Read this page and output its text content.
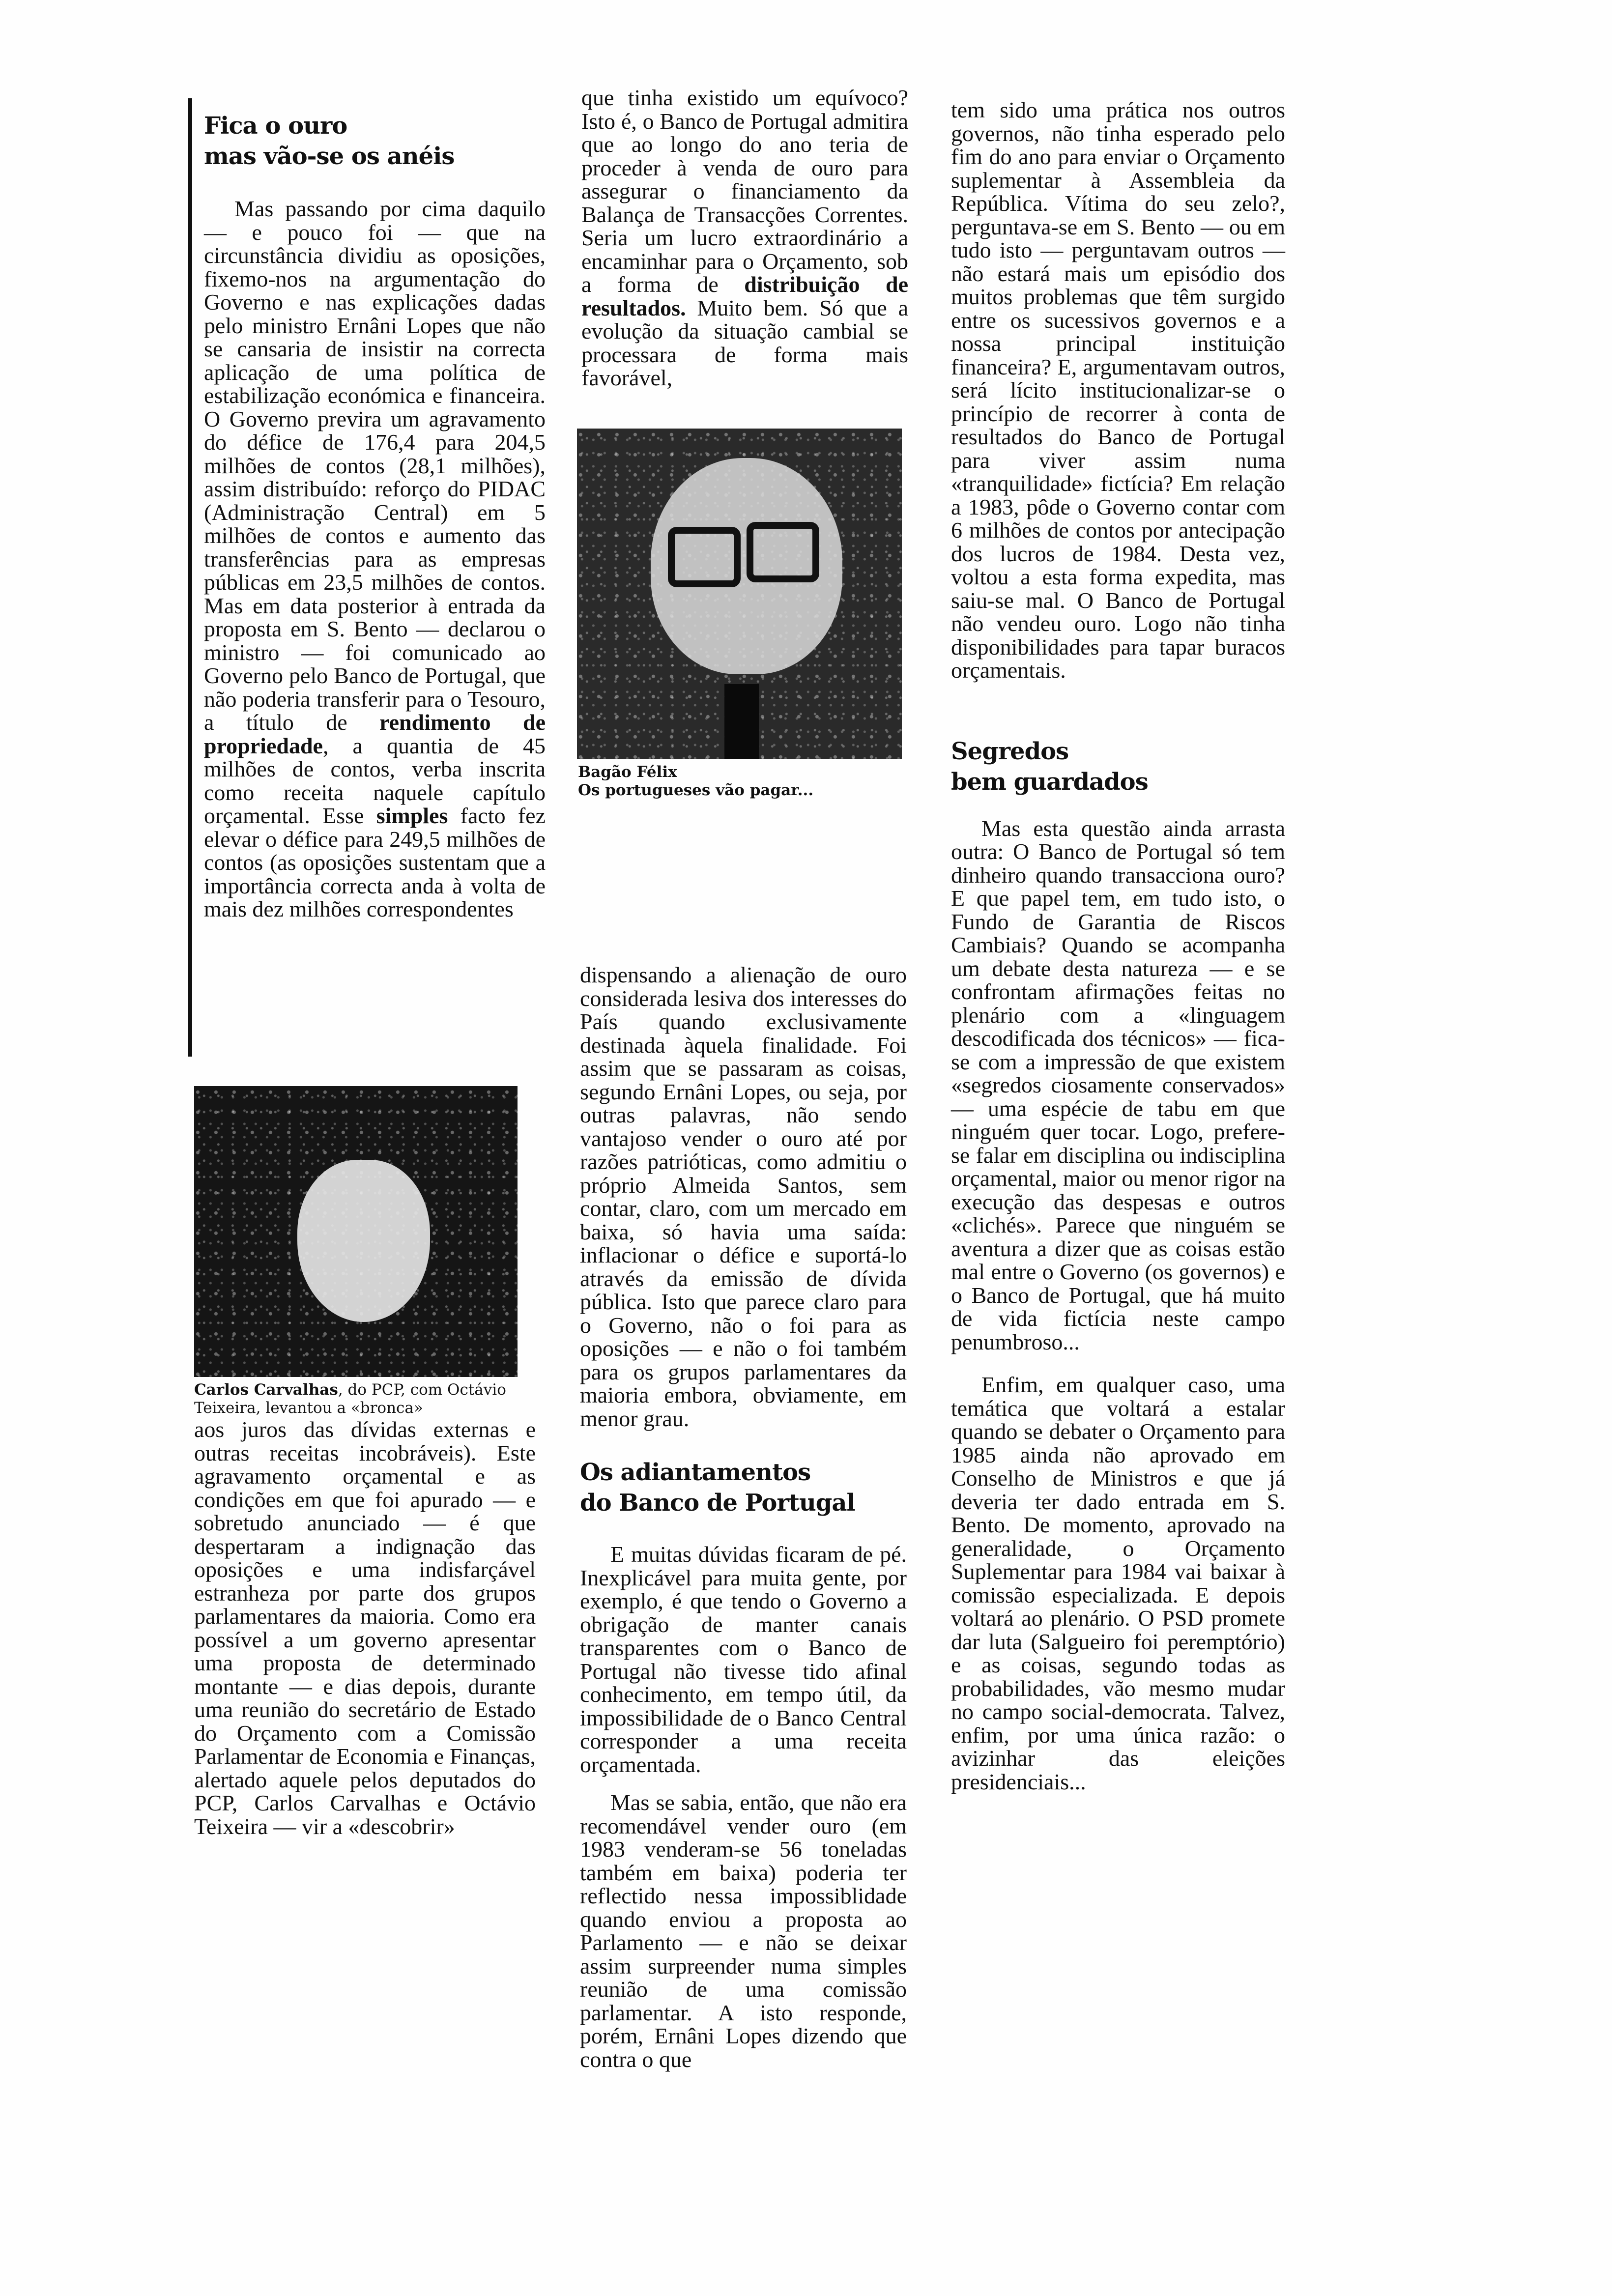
Fica o ouro
mas vão-se os anéis

Mas passando por cima daquilo — e pouco foi — que na circunstância dividiu as oposições, fixemo-nos na argumentação do Governo e nas explicações dadas pelo ministro Ernâni Lopes que não se cansaria de insistir na correcta aplicação de uma política de estabilização económica e financeira. O Governo previra um agravamento do défice de 176,4 para 204,5 milhões de contos (28,1 milhões), assim distribuído: reforço do PIDAC (Administração Central) em 5 milhões de contos e aumento das transferências para as empresas públicas em 23,5 milhões de contos. Mas em data posterior à entrada da proposta em S. Bento — declarou o ministro — foi comunicado ao Governo pelo Banco de Portugal, que não poderia transferir para o Tesouro, a título de rendimento de propriedade, a quantia de 45 milhões de contos, verba inscrita como receita naquele capítulo orçamental. Esse simples facto fez elevar o défice para 249,5 milhões de contos (as oposições sustentam que a importância correcta anda à volta de mais dez milhões correspondentes

Carlos Carvalhas, do PCP, com Octávio Teixeira, levantou a «bronca»

aos juros das dívidas externas e outras receitas incobráveis). Este agravamento orçamental e as condições em que foi apurado — e sobretudo anunciado — é que despertaram a indignação das oposições e uma indisfarçável estranheza por parte dos grupos parlamentares da maioria. Como era possível a um governo apresentar uma proposta de determinado montante — e dias depois, durante uma reunião do secretário de Estado do Orçamento com a Comissão Parlamentar de Economia e Finanças, alertado aquele pelos deputados do PCP, Carlos Carvalhas e Octávio Teixeira — vir a «descobrir»

que tinha existido um equívoco? Isto é, o Banco de Portugal admitira que ao longo do ano teria de proceder à venda de ouro para assegurar o financiamento da Balança de Transacções Correntes. Seria um lucro extraordinário a encaminhar para o Orçamento, sob a forma de distribuição de resultados. Muito bem. Só que a evolução da situação cambial se processara de forma mais favorável,

Bagão Félix
Os portugueses vão pagar...

dispensando a alienação de ouro considerada lesiva dos interesses do País quando exclusivamente destinada àquela finalidade. Foi assim que se passaram as coisas, segundo Ernâni Lopes, ou seja, por outras palavras, não sendo vantajoso vender o ouro até por razões patrióticas, como admitiu o próprio Almeida Santos, sem contar, claro, com um mercado em baixa, só havia uma saída: inflacionar o défice e suportá-lo através da emissão de dívida pública. Isto que parece claro para o Governo, não o foi para as oposições — e não o foi também para os grupos parlamentares da maioria embora, obviamente, em menor grau.

Os adiantamentos
do Banco de Portugal

E muitas dúvidas ficaram de pé. Inexplicável para muita gente, por exemplo, é que tendo o Governo a obrigação de manter canais transparentes com o Banco de Portugal não tivesse tido afinal conhecimento, em tempo útil, da impossibilidade de o Banco Central corresponder a uma receita orçamentada.

Mas se sabia, então, que não era recomendável vender ouro (em 1983 venderam-se 56 toneladas também em baixa) poderia ter reflectido nessa impossiblidade quando enviou a proposta ao Parlamento — e não se deixar assim surpreender numa simples reunião de uma comissão parlamentar. A isto responde, porém, Ernâni Lopes dizendo que contra o que

tem sido uma prática nos outros governos, não tinha esperado pelo fim do ano para enviar o Orçamento suplementar à Assembleia da República. Vítima do seu zelo?, perguntava-se em S. Bento — ou em tudo isto — perguntavam outros — não estará mais um episódio dos muitos problemas que têm surgido entre os sucessivos governos e a nossa principal instituição financeira? E, argumentavam outros, será lícito institucionalizar-se o princípio de recorrer à conta de resultados do Banco de Portugal para viver assim numa «tranquilidade» fictícia? Em relação a 1983, pôde o Governo contar com 6 milhões de contos por antecipação dos lucros de 1984. Desta vez, voltou a esta forma expedita, mas saiu-se mal. O Banco de Portugal não vendeu ouro. Logo não tinha disponibilidades para tapar buracos orçamentais.

Segredos
bem guardados

Mas esta questão ainda arrasta outra: O Banco de Portugal só tem dinheiro quando transacciona ouro? E que papel tem, em tudo isto, o Fundo de Garantia de Riscos Cambiais? Quando se acompanha um debate desta natureza — e se confrontam afirmações feitas no plenário com a «linguagem descodificada dos técnicos» — fica-se com a impressão de que existem «segredos ciosamente conservados» — uma espécie de tabu em que ninguém quer tocar. Logo, prefere-se falar em disciplina ou indisciplina orçamental, maior ou menor rigor na execução das despesas e outros «clichés». Parece que ninguém se aventura a dizer que as coisas estão mal entre o Governo (os governos) e o Banco de Portugal, que há muito de vida fictícia neste campo penumbroso...

Enfim, em qualquer caso, uma temática que voltará a estalar quando se debater o Orçamento para 1985 ainda não aprovado em Conselho de Ministros e que já deveria ter dado entrada em S. Bento. De momento, aprovado na generalidade, o Orçamento Suplementar para 1984 vai baixar à comissão especializada. E depois voltará ao plenário. O PSD promete dar luta (Salgueiro foi peremptório) e as coisas, segundo todas as probabilidades, vão mesmo mudar no campo social-democrata. Talvez, enfim, por uma única razão: o avizinhar das eleições presidenciais...
